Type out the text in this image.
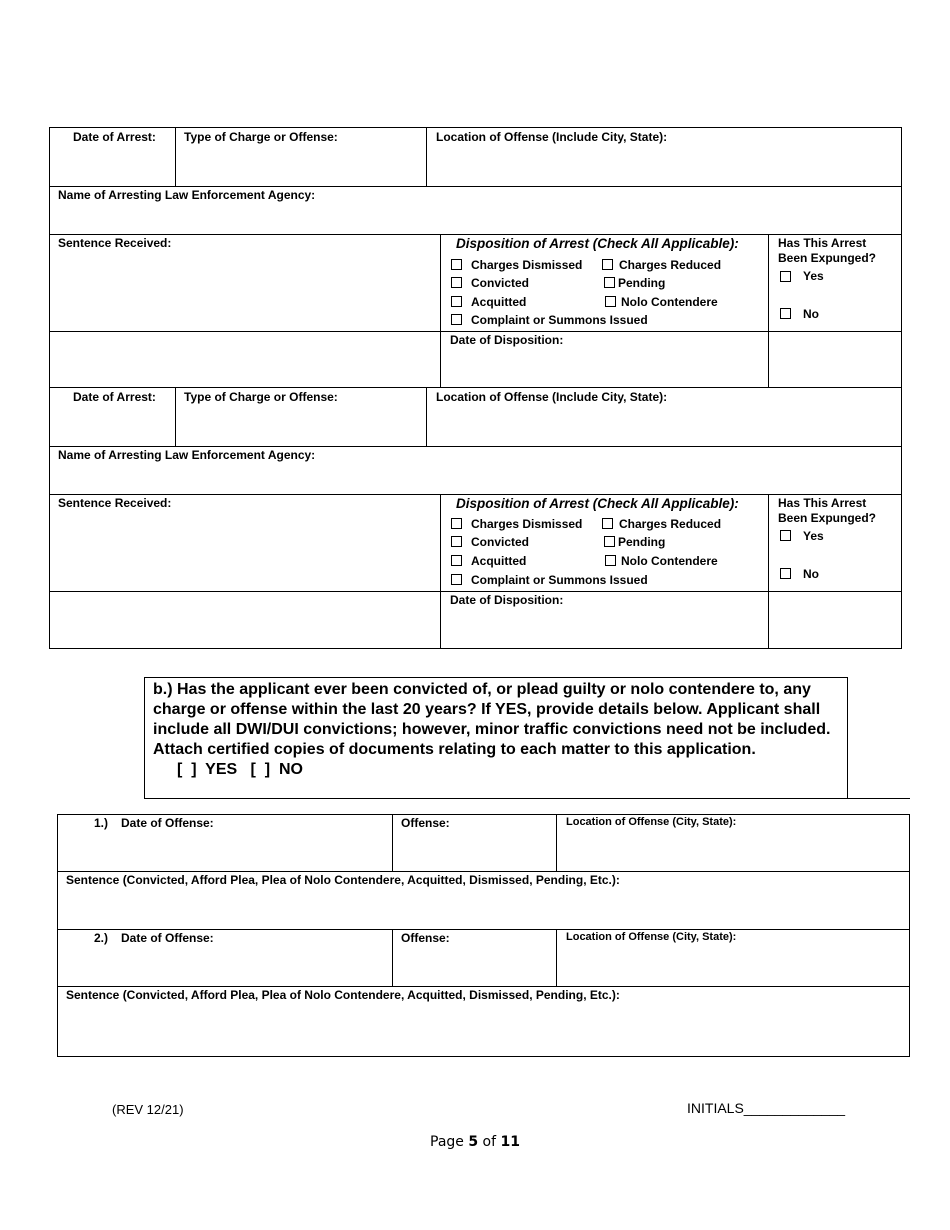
Date of Arrest: Type of Charge or Offense:	Location of Offense (Include City, State):
Name of Arresting Law Enforcement Agency:
Sentence Received:	Disposition of Arrest (Check All Applicable):
Charges Dismissed	Charges Reduced
Convicted	Pending
Acquitted	Nolo Contendere
Complaint or Summons Issued
Has This Arrest
Been Expunged?
Yes
No
Date of Disposition:
Date of Arrest: Type of Charge or Offense:	Location of Offense (Include City, State):
Name of Arresting Law Enforcement Agency:
Sentence Received:	Disposition of Arrest (Check All Applicable):
Charges Dismissed	Charges Reduced
Convicted	Pending
Acquitted	Nolo Contendere
Complaint or Summons Issued
Has This Arrest
Been Expunged?
Yes
No
Date of Disposition:
b.) Has the applicant ever been convicted of, or plead guilty or nolo contendere to, any charge or offense within the last 20 years? If YES, provide details below. Applicant shall include all DWI/DUI convictions; however, minor traffic convictions need not be included. Attach certified copies of documents relating to each matter to this application.
[  ]  YES   [  ]  NO
1.) Date of Offense:	Offense:	Location of Offense (City, State):
Sentence (Convicted, Afford Plea, Plea of Nolo Contendere, Acquitted, Dismissed, Pending, Etc.):
2.) Date of Offense:	Offense:	Location of Offense (City, State):
Sentence (Convicted, Afford Plea, Plea of Nolo Contendere, Acquitted, Dismissed, Pending, Etc.):
(REV 12/21)	INITIALS_____________
Page 5 of 11
